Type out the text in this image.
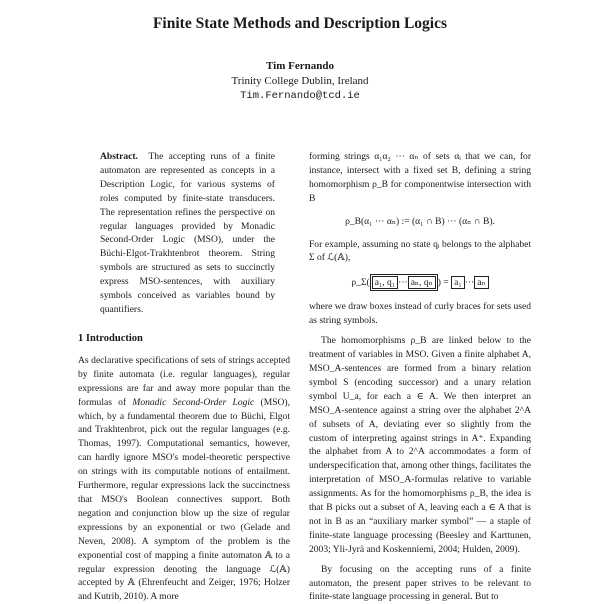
Finite State Methods and Description Logics
Tim Fernando
Trinity College Dublin, Ireland
Tim.Fernando@tcd.ie

Abstract. The accepting runs of a finite automaton are represented as concepts in a Description Logic, for various systems of roles computed by finite-state transducers. The representation refines the perspective on regular languages provided by Monadic Second-Order Logic (MSO), under the Büchi-Elgot-Trakhtenbrot theorem. String symbols are structured as sets to succinctly express MSO-sentences, with auxiliary symbols conceived as variables bound by quantifiers.

1 Introduction

As declarative specifications of sets of strings accepted by finite automata (i.e. regular languages), regular expressions are far and away more popular than the formulas of Monadic Second-Order Logic (MSO), which, by a fundamental theorem due to Büchi, Elgot and Trakhtenbrot, pick out the regular languages (e.g. Thomas, 1997). Computational semantics, however, can hardly ignore MSO's model-theoretic perspective on strings with its computable notions of entailment. Furthermore, regular expressions lack the succinctness that MSO's Boolean connectives support. Both negation and conjunction blow up the size of regular expressions by an exponential or two (Gelade and Neven, 2008). A symptom of the problem is the exponential cost of mapping a finite automaton 𝔸 to a regular expression denoting the language ℒ(𝔸) accepted by 𝔸 (Ehrenfeucht and Zeiger, 1976; Holzer and Kutrib, 2010). A more

forming strings α₁α₂ ··· αₙ of sets αᵢ that we can, for instance, intersect with a fixed set B, defining a string homomorphism ρ_B for componentwise intersection with B

ρ_B(α₁ ··· αₙ) := (α₁ ∩ B) ··· (αₙ ∩ B).

For example, assuming no state qᵢ belongs to the alphabet Σ of ℒ(𝔸),

ρ_Σ( a₁, q₁ ··· aₙ, qₙ ) = a₁ ··· aₙ

where we draw boxes instead of curly braces for sets used as string symbols.

The homomorphisms ρ_B are linked below to the treatment of variables in MSO. Given a finite alphabet A, MSO_A-sentences are formed from a binary relation symbol S (encoding successor) and a unary relation symbol U_a, for each a ∈ A. We then interpret an MSO_A-sentence against a string over the alphabet 2^A of subsets of A, deviating ever so slightly from the custom of interpreting against strings in A⁺. Expanding the alphabet from A to 2^A accommodates a form of underspecification that, among other things, facilitates the interpretation of MSO_A-formulas relative to variable assignments. As for the homomorphisms ρ_B, the idea is that B picks out a subset of A, leaving each a ∈ A that is not in B as an “auxiliary marker symbol” — a staple of finite-state language processing (Beesley and Karttunen, 2003; Yli-Jyrä and Koskenniemi, 2004; Hulden, 2009).

By focusing on the accepting runs of a finite automaton, the present paper strives to be relevant to finite-state language processing in general. But to
